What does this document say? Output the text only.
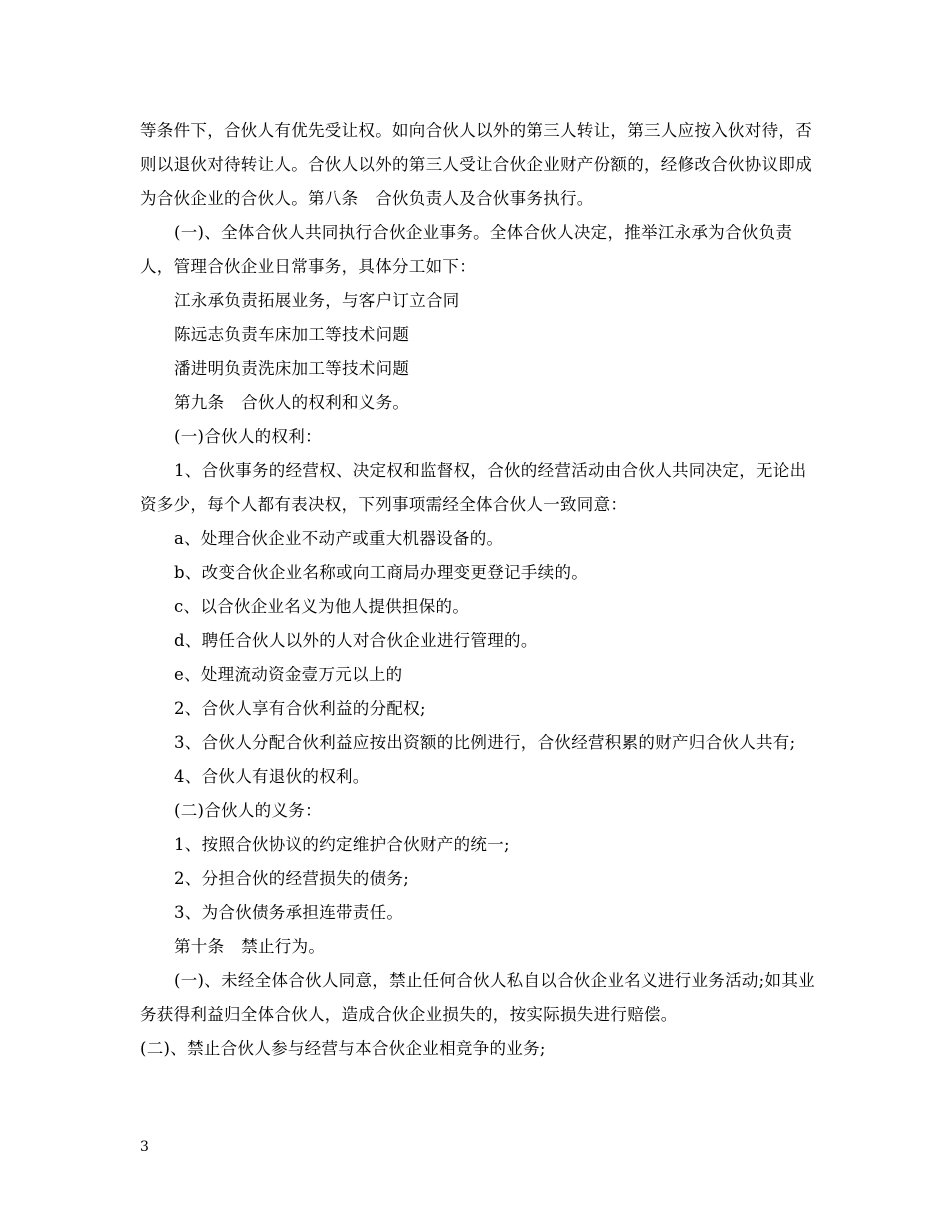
等条件下，合伙人有优先受让权。如向合伙人以外的第三人转让，第三人应按入伙对待，否则以退伙对待转让人。合伙人以外的第三人受让合伙企业财产份额的，经修改合伙协议即成为合伙企业的合伙人。第八条　合伙负责人及合伙事务执行。

(一)、全体合伙人共同执行合伙企业事务。全体合伙人决定，推举江永承为合伙负责人，管理合伙企业日常事务，具体分工如下：

江永承负责拓展业务，与客户订立合同

陈远志负责车床加工等技术问题

潘进明负责洗床加工等技术问题

第九条　合伙人的权利和义务。

(一)合伙人的权利：

1、合伙事务的经营权、决定权和监督权，合伙的经营活动由合伙人共同决定，无论出资多少，每个人都有表决权，下列事项需经全体合伙人一致同意：

a、处理合伙企业不动产或重大机器设备的。

b、改变合伙企业名称或向工商局办理变更登记手续的。

c、以合伙企业名义为他人提供担保的。

d、聘任合伙人以外的人对合伙企业进行管理的。

e、处理流动资金壹万元以上的

2、合伙人享有合伙利益的分配权;

3、合伙人分配合伙利益应按出资额的比例进行，合伙经营积累的财产归合伙人共有;

4、合伙人有退伙的权利。

(二)合伙人的义务：

1、按照合伙协议的约定维护合伙财产的统一;

2、分担合伙的经营损失的债务;

3、为合伙债务承担连带责任。

第十条　禁止行为。

(一)、未经全体合伙人同意，禁止任何合伙人私自以合伙企业名义进行业务活动;如其业务获得利益归全体合伙人，造成合伙企业损失的，按实际损失进行赔偿。

(二)、禁止合伙人参与经营与本合伙企业相竞争的业务;

3
